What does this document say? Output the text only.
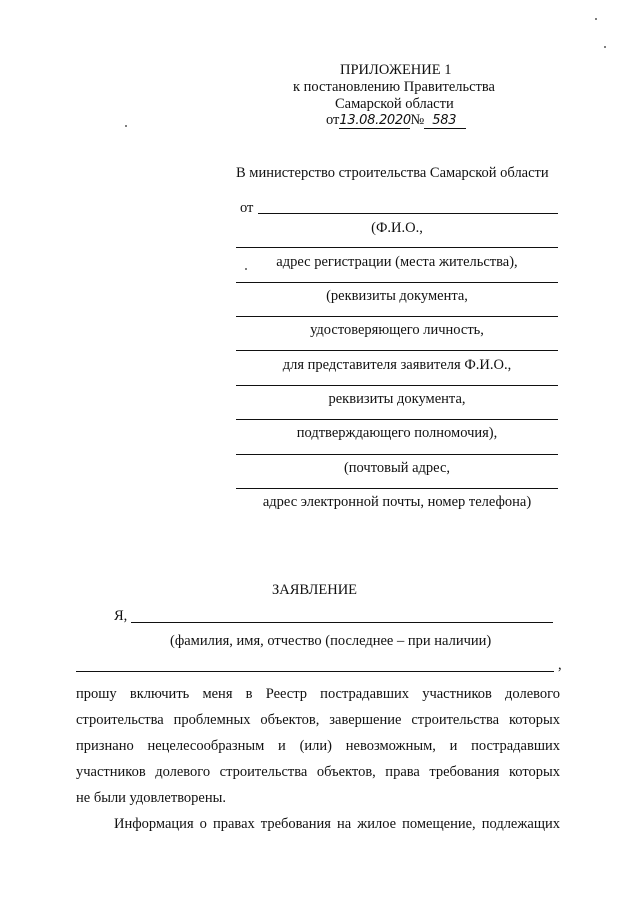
ПРИЛОЖЕНИЕ 1
к постановлению Правительства
Самарской области
от13.08.2020№ 583
В министерство строительства Самарской области
от
(Ф.И.О.,
адрес регистрации (места жительства),
(реквизиты документа,
удостоверяющего личность,
для представителя заявителя Ф.И.О.,
реквизиты документа,
подтверждающего полномочия),
(почтовый адрес,
адрес электронной почты, номер телефона)
ЗАЯВЛЕНИЕ
Я,
(фамилия, имя, отчество (последнее – при наличии)
,
прошу включить меня в Реестр пострадавших участников долевого
строительства проблемных объектов, завершение строительства которых
признано нецелесообразным и (или) невозможным, и пострадавших
участников долевого строительства объектов, права требования которых
не были удовлетворены.
Информация о правах требования на жилое помещение, подлежащих
